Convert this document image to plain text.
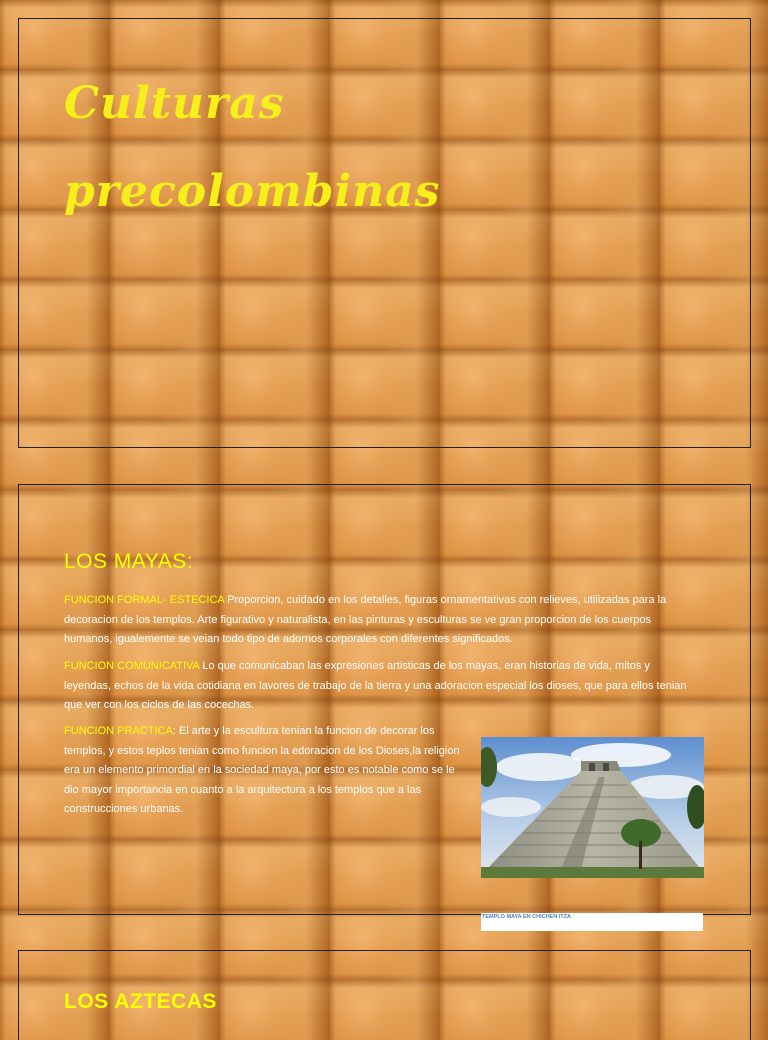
Culturas
precolombinas
LOS MAYAS:

FUNCION FORMAL- ESTECICA Proporcion, cuidado en los detalles, figuras ornamentativas con relieves, utilizadas para la decoracion de los templos. Arte figurativo y naturalista, en las pinturas y esculturas se ve gran proporcion de los cuerpos humanos, igualemente se veian todo tipo de adornos corporales con diferentes significados.

FUNCION COMUNICATIVA Lo que comunicaban las expresiones artisticas de los mayas, eran historias de vida, mitos y leyendas, echos de la vida cotidiana en lavores de trabajo de la tierra y una adoracion especial los dioses, que para ellos tenian que ver con los ciclos de las cocechas.

FUNCION PRACTICA: El arte y la escultura tenian la funcion de decorar los templos, y estos teplos tenian como funcion la edoracion de los Dioses,la religion era un elemento primordial en la sociedad maya, por esto es notable como se le dio mayor importancia en cuanto a la arquitectura a los templos que a las construcciones urbanas.

TEMPLO MAYA EN CHICHEN ITZA
LOS AZTECAS
